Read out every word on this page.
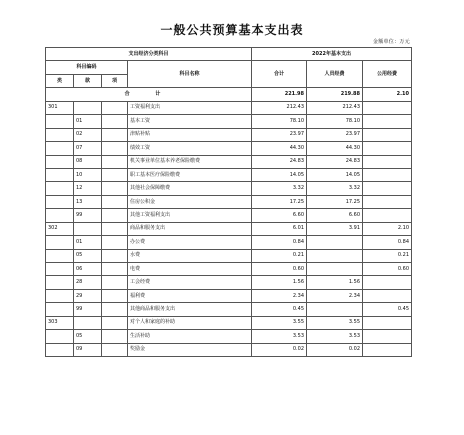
一般公共预算基本支出表
金额单位：万元
支出经济分类科目				2022年基本支出		
科目编码			科目名称	合计	人员经费	公用经费
类	款	项				
合 计				221.98	219.88	2.10
301			工资福利支出	212.43	212.43	
	01		基本工资	78.10	78.10	
	02		津贴补贴	23.97	23.97	
	07		绩效工资	44.30	44.30	
	08		机关事业单位基本养老保险缴费	24.83	24.83	
	10		职工基本医疗保险缴费	14.05	14.05	
	12		其他社会保障缴费	3.32	3.32	
	13		住房公积金	17.25	17.25	
	99		其他工资福利支出	6.60	6.60	
302			商品和服务支出	6.01	3.91	2.10
	01		办公费	0.84		0.84
	05		水费	0.21		0.21
	06		电费	0.60		0.60
	28		工会经费	1.56	1.56	
	29		福利费	2.34	2.34	
	99		其他商品和服务支出	0.45		0.45
303			对个人和家庭的补助	3.55	3.55	
	05		生活补助	3.53	3.53	
	09		奖励金	0.02	0.02	
